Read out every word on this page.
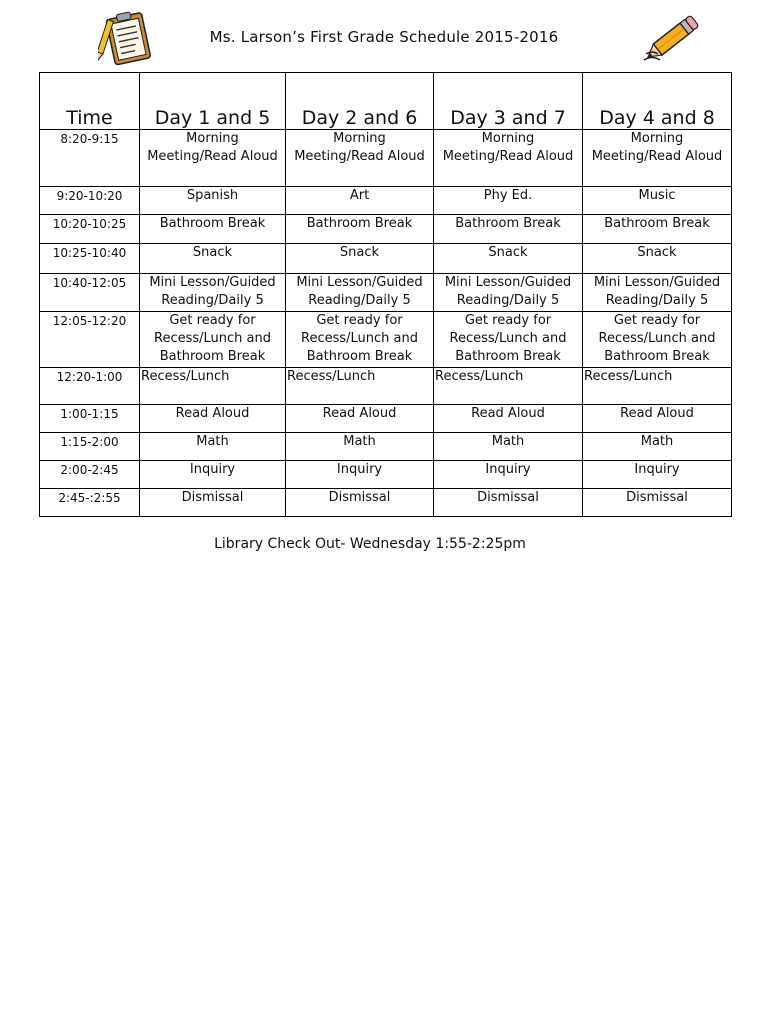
Ms. Larson’s First Grade Schedule 2015-2016
Time	Day 1 and 5	Day 2 and 6	Day 3 and 7	Day 4 and 8
8:20-9:15	Morning Meeting/Read Aloud	Morning Meeting/Read Aloud	Morning Meeting/Read Aloud	Morning Meeting/Read Aloud
9:20-10:20	Spanish	Art	Phy Ed.	Music
10:20-10:25	Bathroom Break	Bathroom Break	Bathroom Break	Bathroom Break
10:25-10:40	Snack	Snack	Snack	Snack
10:40-12:05	Mini Lesson/Guided Reading/Daily 5	Mini Lesson/Guided Reading/Daily 5	Mini Lesson/Guided Reading/Daily 5	Mini Lesson/Guided Reading/Daily 5
12:05-12:20	Get ready for Recess/Lunch and Bathroom Break	Get ready for Recess/Lunch and Bathroom Break	Get ready for Recess/Lunch and Bathroom Break	Get ready for Recess/Lunch and Bathroom Break
12:20-1:00	Recess/Lunch	Recess/Lunch	Recess/Lunch	Recess/Lunch
1:00-1:15	Read Aloud	Read Aloud	Read Aloud	Read Aloud
1:15-2:00	Math	Math	Math	Math
2:00-2:45	Inquiry	Inquiry	Inquiry	Inquiry
2:45-:2:55	Dismissal	Dismissal	Dismissal	Dismissal
Library Check Out- Wednesday 1:55-2:25pm
